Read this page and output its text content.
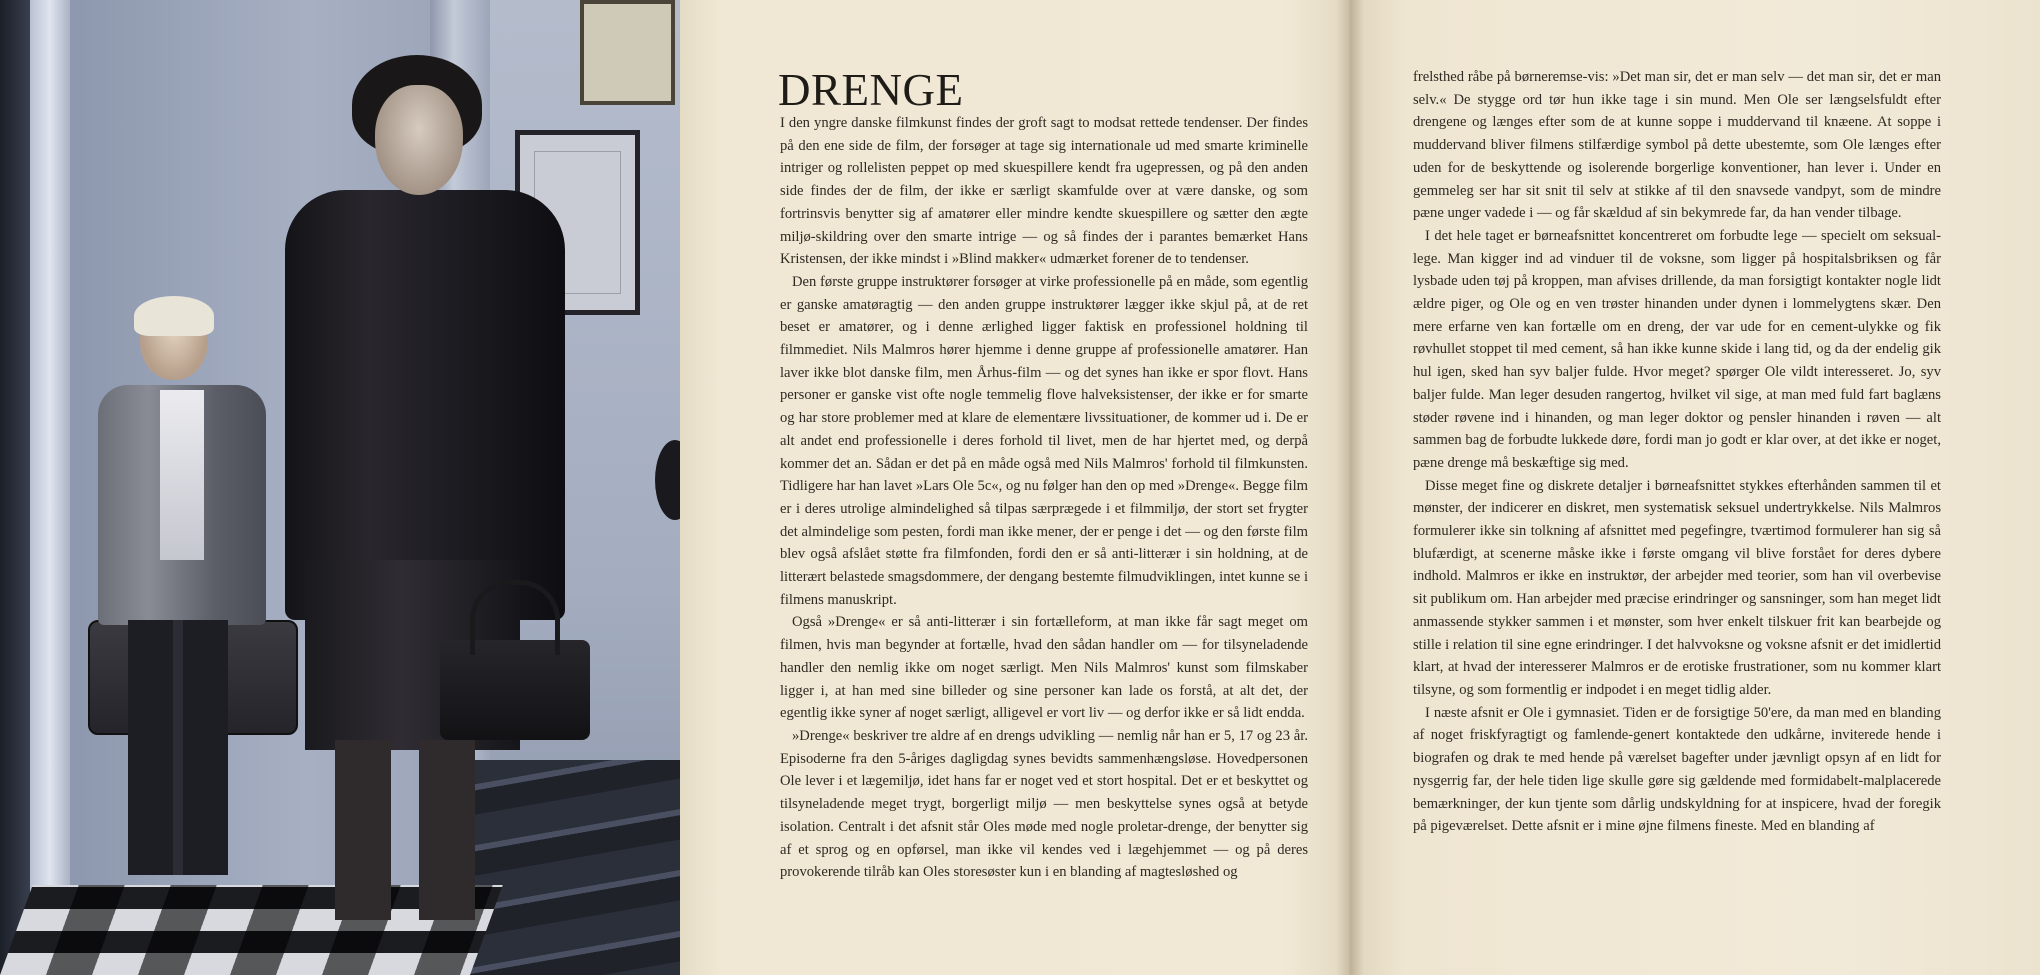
DRENGE

I den yngre danske filmkunst findes der groft sagt to modsat rettede tendenser. Der findes på den ene side de film, der forsøger at tage sig internationale ud med smarte kriminelle intriger og rollelisten peppet op med skuespillere kendt fra ugepressen, og på den anden side findes der de film, der ikke er særligt skamfulde over at være danske, og som fortrinsvis benytter sig af amatører eller mindre kendte skuespillere og sætter den ægte miljø-skildring over den smarte intrige — og så findes der i parantes bemærket Hans Kristensen, der ikke mindst i »Blind makker« udmærket forener de to tendenser.

Den første gruppe instruktører forsøger at virke professionelle på en måde, som egentlig er ganske amatøragtig — den anden gruppe instruktører lægger ikke skjul på, at de ret beset er amatører, og i denne ærlighed ligger faktisk en professionel holdning til filmmediet. Nils Malmros hører hjemme i denne gruppe af professionelle amatører. Han laver ikke blot danske film, men Århus-film — og det synes han ikke er spor flovt. Hans personer er ganske vist ofte nogle temmelig flove halveksistenser, der ikke er for smarte og har store problemer med at klare de elementære livssituationer, de kommer ud i. De er alt andet end professionelle i deres forhold til livet, men de har hjertet med, og derpå kommer det an. Sådan er det på en måde også med Nils Malmros' forhold til filmkunsten. Tidligere har han lavet »Lars Ole 5c«, og nu følger han den op med »Drenge«. Begge film er i deres utrolige almindelighed så tilpas særprægede i et filmmiljø, der stort set frygter det almindelige som pesten, fordi man ikke mener, der er penge i det — og den første film blev også afslået støtte fra filmfonden, fordi den er så anti-litterær i sin holdning, at de litterært belastede smagsdommere, der dengang bestemte filmudviklingen, intet kunne se i filmens manuskript.

Også »Drenge« er så anti-litterær i sin fortælleform, at man ikke får sagt meget om filmen, hvis man begynder at fortælle, hvad den sådan handler om — for tilsyneladende handler den nemlig ikke om noget særligt. Men Nils Malmros' kunst som filmskaber ligger i, at han med sine billeder og sine personer kan lade os forstå, at alt det, der egentlig ikke syner af noget særligt, alligevel er vort liv — og derfor ikke er så lidt endda.

»Drenge« beskriver tre aldre af en drengs udvikling — nemlig når han er 5, 17 og 23 år. Episoderne fra den 5-åriges dagligdag synes bevidts sammenhængsløse. Hovedpersonen Ole lever i et lægemiljø, idet hans far er noget ved et stort hospital. Det er et beskyttet og tilsyneladende meget trygt, borgerligt miljø — men beskyttelse synes også at betyde isolation. Centralt i det afsnit står Oles møde med nogle proletar-drenge, der benytter sig af et sprog og en opførsel, man ikke vil kendes ved i lægehjemmet — og på deres provokerende tilråb kan Oles storesøster kun i en blanding af magtesløshed og

frelsthed råbe på børneremse-vis: »Det man sir, det er man selv — det man sir, det er man selv.« De stygge ord tør hun ikke tage i sin mund. Men Ole ser længselsfuldt efter drengene og længes efter som de at kunne soppe i muddervand til knæene. At soppe i muddervand bliver filmens stilfærdige symbol på dette ubestemte, som Ole længes efter uden for de beskyttende og isolerende borgerlige konventioner, han lever i. Under en gemmeleg ser har sit snit til selv at stikke af til den snavsede vandpyt, som de mindre pæne unger vadede i — og får skældud af sin bekymrede far, da han vender tilbage.

I det hele taget er børneafsnittet koncentreret om forbudte lege — specielt om seksual-lege. Man kigger ind ad vinduer til de voksne, som ligger på hospitalsbriksen og får lysbade uden tøj på kroppen, man afvises drillende, da man forsigtigt kontakter nogle lidt ældre piger, og Ole og en ven trøster hinanden under dynen i lommelygtens skær. Den mere erfarne ven kan fortælle om en dreng, der var ude for en cement-ulykke og fik røvhullet stoppet til med cement, så han ikke kunne skide i lang tid, og da der endelig gik hul igen, sked han syv baljer fulde. Hvor meget? spørger Ole vildt interesseret. Jo, syv baljer fulde. Man leger desuden rangertog, hvilket vil sige, at man med fuld fart baglæns støder røvene ind i hinanden, og man leger doktor og pensler hinanden i røven — alt sammen bag de forbudte lukkede døre, fordi man jo godt er klar over, at det ikke er noget, pæne drenge må beskæftige sig med.

Disse meget fine og diskrete detaljer i børneafsnittet stykkes efterhånden sammen til et mønster, der indicerer en diskret, men systematisk seksuel undertrykkelse. Nils Malmros formulerer ikke sin tolkning af afsnittet med pegefingre, tværtimod formulerer han sig så blufærdigt, at scenerne måske ikke i første omgang vil blive forstået for deres dybere indhold. Malmros er ikke en instruktør, der arbejder med teorier, som han vil overbevise sit publikum om. Han arbejder med præcise erindringer og sansninger, som han meget lidt anmassende stykker sammen i et mønster, som hver enkelt tilskuer frit kan bearbejde og stille i relation til sine egne erindringer. I det halvvoksne og voksne afsnit er det imidlertid klart, at hvad der interesserer Malmros er de erotiske frustrationer, som nu kommer klart tilsyne, og som formentlig er indpodet i en meget tidlig alder.

I næste afsnit er Ole i gymnasiet. Tiden er de forsigtige 50'ere, da man med en blanding af noget friskfyragtigt og famlende-genert kontaktede den udkårne, inviterede hende i biografen og drak te med hende på værelset bagefter under jævnligt opsyn af en lidt for nysgerrig far, der hele tiden lige skulle gøre sig gældende med formidabelt-malplacerede bemærkninger, der kun tjente som dårlig undskyldning for at inspicere, hvad der foregik på pigeværelset. Dette afsnit er i mine øjne filmens fineste. Med en blanding af
